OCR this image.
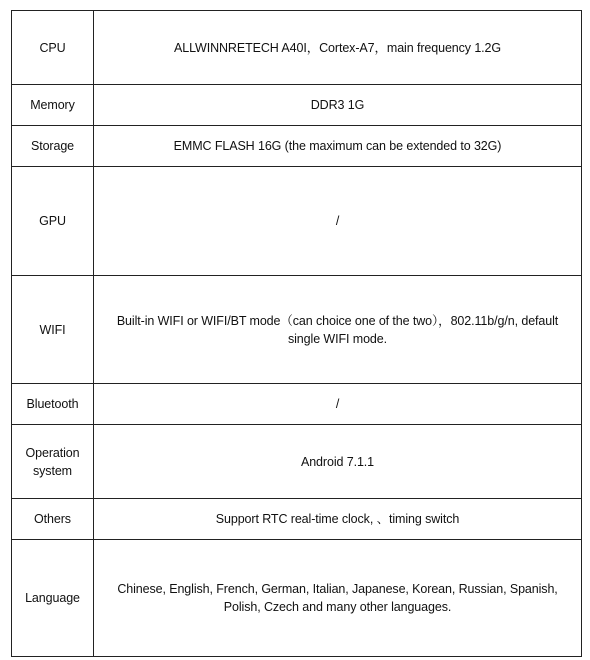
CPU	ALLWINNRETECH A40I，Cortex-A7，main frequency 1.2G
Memory	DDR3 1G
Storage	EMMC FLASH 16G (the maximum can be extended to 32G)
GPU	/
WIFI	Built-in WIFI or WIFI/BT mode（can choice one of the two），802.11b/g/n, default single WIFI mode.
Bluetooth	/
Operation system	Android 7.1.1
Others	Support RTC real-time clock, 、timing switch
Language	Chinese, English, French, German, Italian, Japanese, Korean, Russian, Spanish, Polish, Czech and many other languages.
